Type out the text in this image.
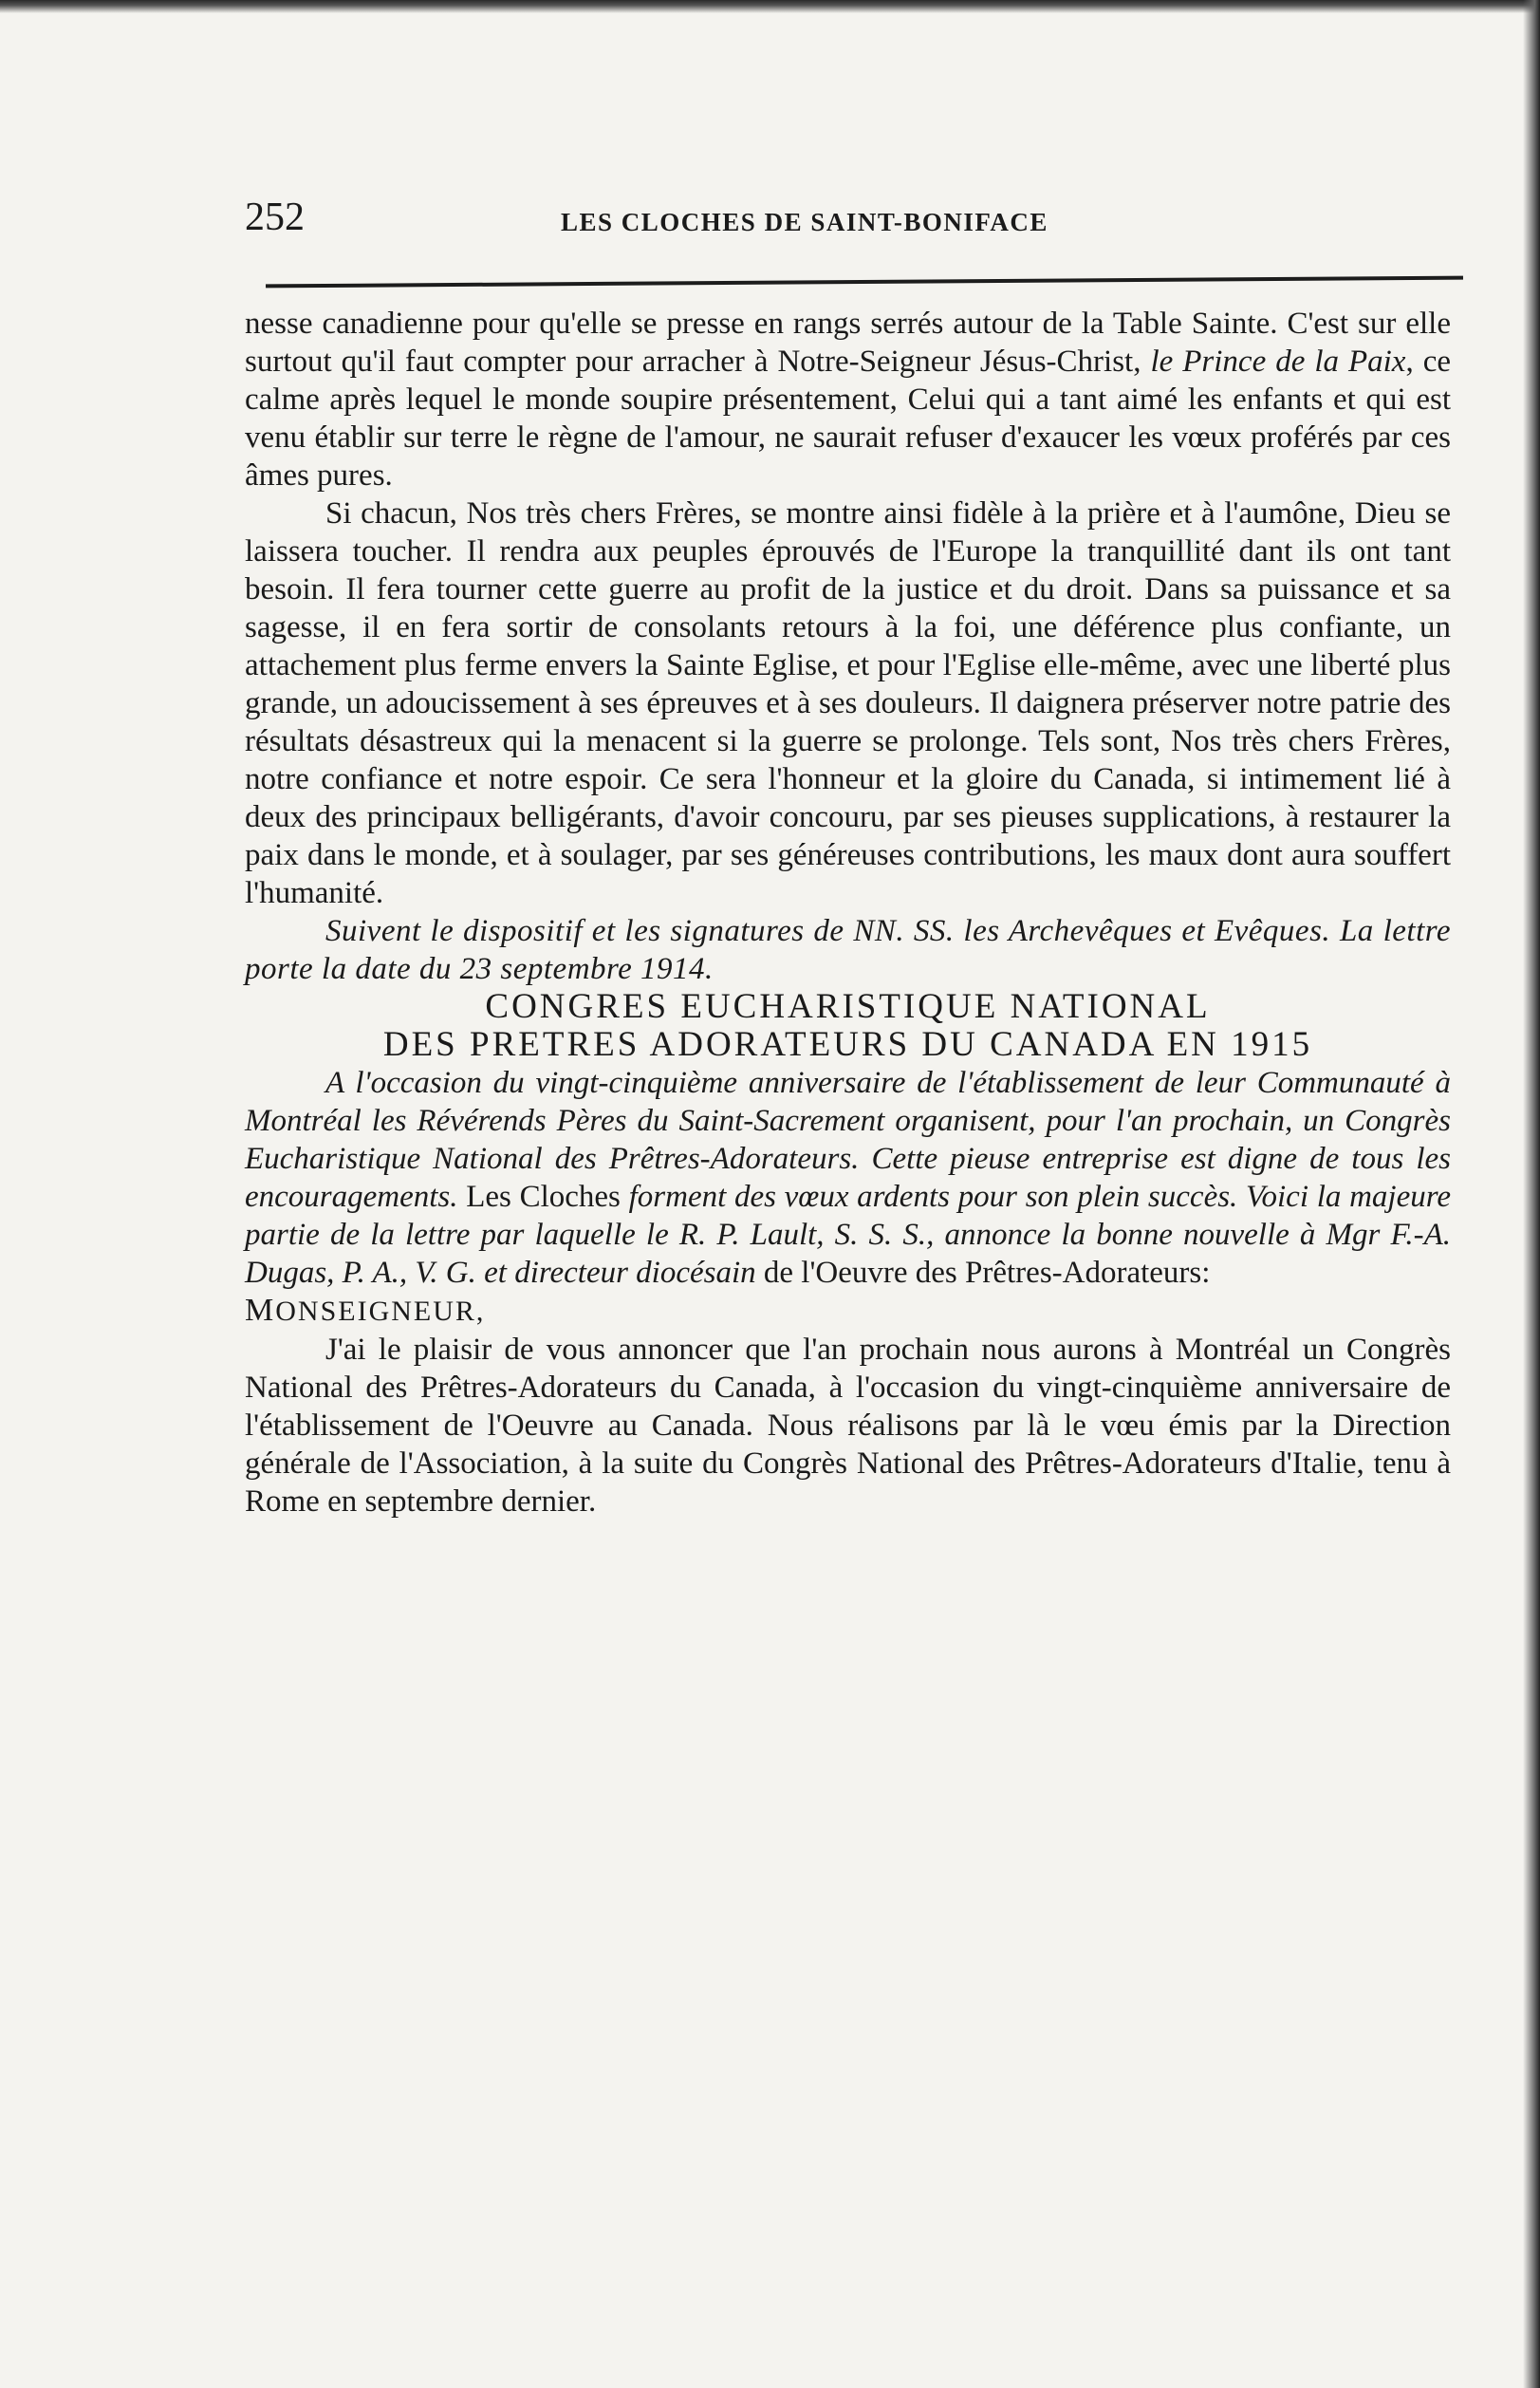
252	LES CLOCHES DE SAINT-BONIFACE

nesse canadienne pour qu'elle se presse en rangs serrés autour de la Table Sainte. C'est sur elle surtout qu'il faut compter pour arracher à Notre-Seigneur Jésus-Christ, le Prince de la Paix, ce calme après lequel le monde soupire présentement, Celui qui a tant aimé les enfants et qui est venu établir sur terre le règne de l'amour, ne saurait refuser d'exaucer les vœux proférés par ces âmes pures.

Si chacun, Nos très chers Frères, se montre ainsi fidèle à la prière et à l'aumône, Dieu se laissera toucher. Il rendra aux peuples éprouvés de l'Europe la tranquillité dant ils ont tant besoin. Il fera tourner cette guerre au profit de la justice et du droit. Dans sa puissance et sa sagesse, il en fera sortir de consolants retours à la foi, une déférence plus confiante, un attachement plus ferme envers la Sainte Eglise, et pour l'Eglise elle-même, avec une liberté plus grande, un adoucissement à ses épreuves et à ses douleurs. Il daignera préserver notre patrie des résultats désastreux qui la menacent si la guerre se prolonge. Tels sont, Nos très chers Frères, notre confiance et notre espoir. Ce sera l'honneur et la gloire du Canada, si intimement lié à deux des principaux belligérants, d'avoir concouru, par ses pieuses supplications, à restaurer la paix dans le monde, et à soulager, par ses généreuses contributions, les maux dont aura souffert l'humanité.

Suivent le dispositif et les signatures de NN. SS. les Archevêques et Evêques. La lettre porte la date du 23 septembre 1914.

CONGRES EUCHARISTIQUE NATIONAL

DES PRETRES ADORATEURS DU CANADA EN 1915

A l'occasion du vingt-cinquième anniversaire de l'établissement de leur Communauté à Montréal les Révérends Pères du Saint-Sacrement organisent, pour l'an prochain, un Congrès Eucharistique National des Prêtres-Adorateurs. Cette pieuse entreprise est digne de tous les encouragements. Les Cloches forment des vœux ardents pour son plein succès. Voici la majeure partie de la lettre par laquelle le R. P. Lault, S. S. S., annonce la bonne nouvelle à Mgr F.-A. Dugas, P. A., V. G. et directeur diocésain de l'Oeuvre des Prêtres-Adorateurs:

MONSEIGNEUR,

J'ai le plaisir de vous annoncer que l'an prochain nous aurons à Montréal un Congrès National des Prêtres-Adorateurs du Canada, à l'occasion du vingt-cinquième anniversaire de l'établissement de l'Oeuvre au Canada. Nous réalisons par là le vœu émis par la Direction générale de l'Association, à la suite du Congrès National des Prêtres-Adorateurs d'Italie, tenu à Rome en septembre dernier.
